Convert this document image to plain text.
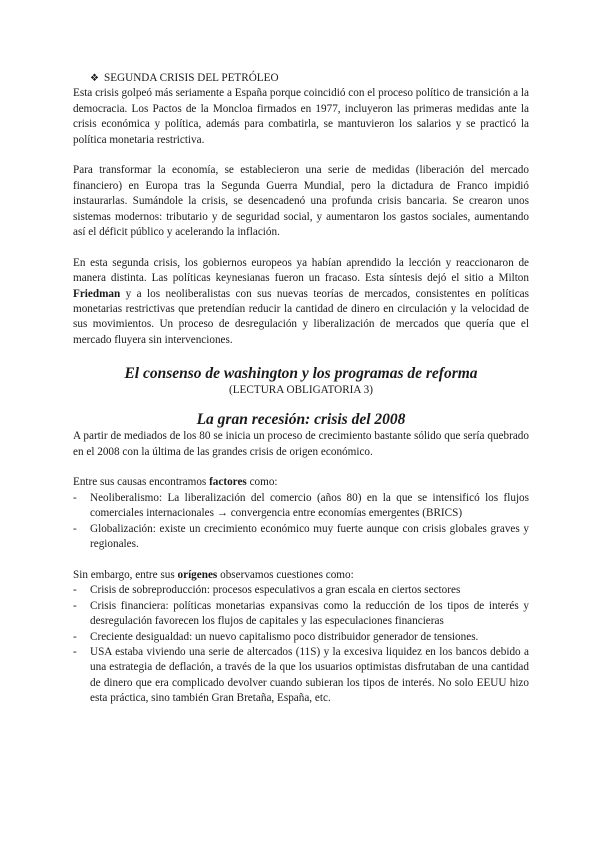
❖ SEGUNDA CRISIS DEL PETRÓLEO

Esta crisis golpeó más seriamente a España porque coincidió con el proceso político de transición a la democracia. Los Pactos de la Moncloa firmados en 1977, incluyeron las primeras medidas ante la crisis económica y política, además para combatirla, se mantuvieron los salarios y se practicó la política monetaria restrictiva.

Para transformar la economía, se establecieron una serie de medidas (liberación del mercado financiero) en Europa tras la Segunda Guerra Mundial, pero la dictadura de Franco impidió instaurarlas. Sumándole la crisis, se desencadenó una profunda crisis bancaria. Se crearon unos sistemas modernos: tributario y de seguridad social, y aumentaron los gastos sociales, aumentando así el déficit público y acelerando la inflación.

En esta segunda crisis, los gobiernos europeos ya habían aprendido la lección y reaccionaron de manera distinta. Las políticas keynesianas fueron un fracaso. Esta síntesis dejó el sitio a Milton Friedman y a los neoliberalistas con sus nuevas teorías de mercados, consistentes en políticas monetarias restrictivas que pretendían reducir la cantidad de dinero en circulación y la velocidad de sus movimientos. Un proceso de desregulación y liberalización de mercados que quería que el mercado fluyera sin intervenciones.

El consenso de washington y los programas de reforma
(LECTURA OBLIGATORIA 3)
La gran recesión: crisis del 2008

A partir de mediados de los 80 se inicia un proceso de crecimiento bastante sólido que sería quebrado en el 2008 con la última de las grandes crisis de origen económico.

Entre sus causas encontramos factores como:

- Neoliberalismo: La liberalización del comercio (años 80) en la que se intensificó los flujos comerciales internacionales → convergencia entre economías emergentes (BRICS)
- Globalización: existe un crecimiento económico muy fuerte aunque con crisis globales graves y regionales.

Sin embargo, entre sus orígenes observamos cuestiones como:

- Crisis de sobreproducción: procesos especulativos a gran escala en ciertos sectores
- Crisis financiera: políticas monetarias expansivas como la reducción de los tipos de interés y desregulación favorecen los flujos de capitales y las especulaciones financieras
- Creciente desigualdad: un nuevo capitalismo poco distribuidor generador de tensiones.
- USA estaba viviendo una serie de altercados (11S) y la excesiva liquidez en los bancos debido a una estrategia de deflación, a través de la que los usuarios optimistas disfrutaban de una cantidad de dinero que era complicado devolver cuando subieran los tipos de interés. No solo EEUU hizo esta práctica, sino también Gran Bretaña, España, etc.
